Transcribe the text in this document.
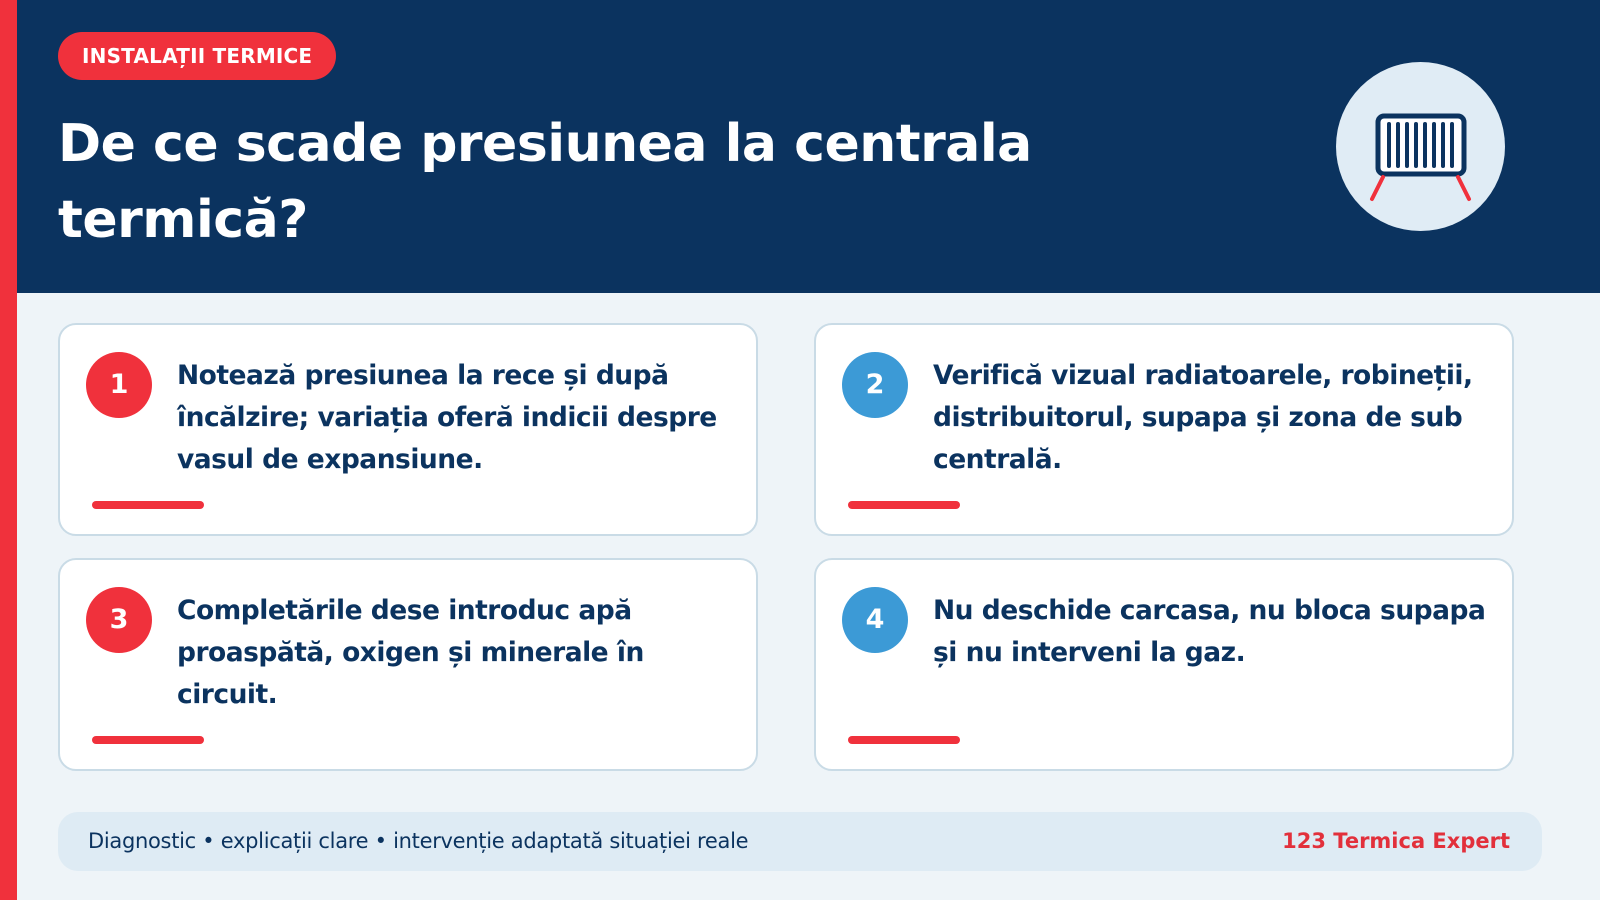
INSTALAȚII TERMICE
De ce scade presiunea la centrala termică?
1	Notează presiunea la rece și după încălzire; variația oferă indicii despre vasul de expansiune.
2	Verifică vizual radiatoarele, robineții, distribuitorul, supapa și zona de sub centrală.
3	Completările dese introduc apă proaspătă, oxigen și minerale în circuit.
4	Nu deschide carcasa, nu bloca supapa și nu interveni la gaz.
Diagnostic • explicații clare • intervenție adaptată situației reale	123 Termica Expert
